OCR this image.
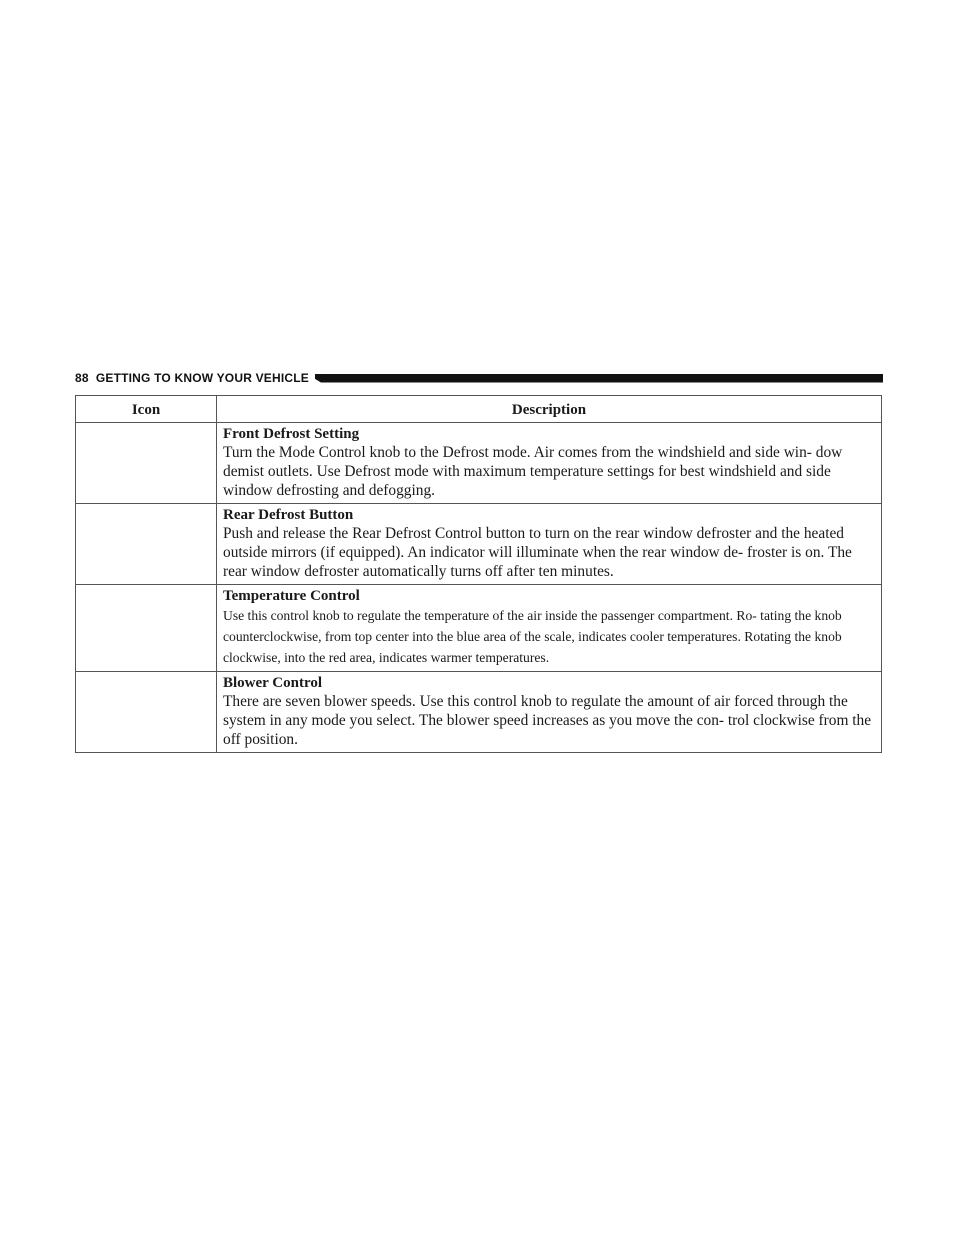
88 GETTING TO KNOW YOUR VEHICLE
Icon	Description

	Front Defrost Setting
Turn the Mode Control knob to the Defrost mode. Air comes from the windshield and side win- dow demist outlets. Use Defrost mode with maximum temperature settings for best windshield and side window defrosting and defogging.

	Rear Defrost Button
Push and release the Rear Defrost Control button to turn on the rear window defroster and the heated outside mirrors (if equipped). An indicator will illuminate when the rear window de- froster is on. The rear window defroster automatically turns off after ten minutes.

	Temperature Control
Use this control knob to regulate the temperature of the air inside the passenger compartment. Ro- tating the knob counterclockwise, from top center into the blue area of the scale, indicates cooler temperatures. Rotating the knob clockwise, into the red area, indicates warmer temperatures.

	Blower Control
There are seven blower speeds. Use this control knob to regulate the amount of air forced through the system in any mode you select. The blower speed increases as you move the con- trol clockwise from the off position.
